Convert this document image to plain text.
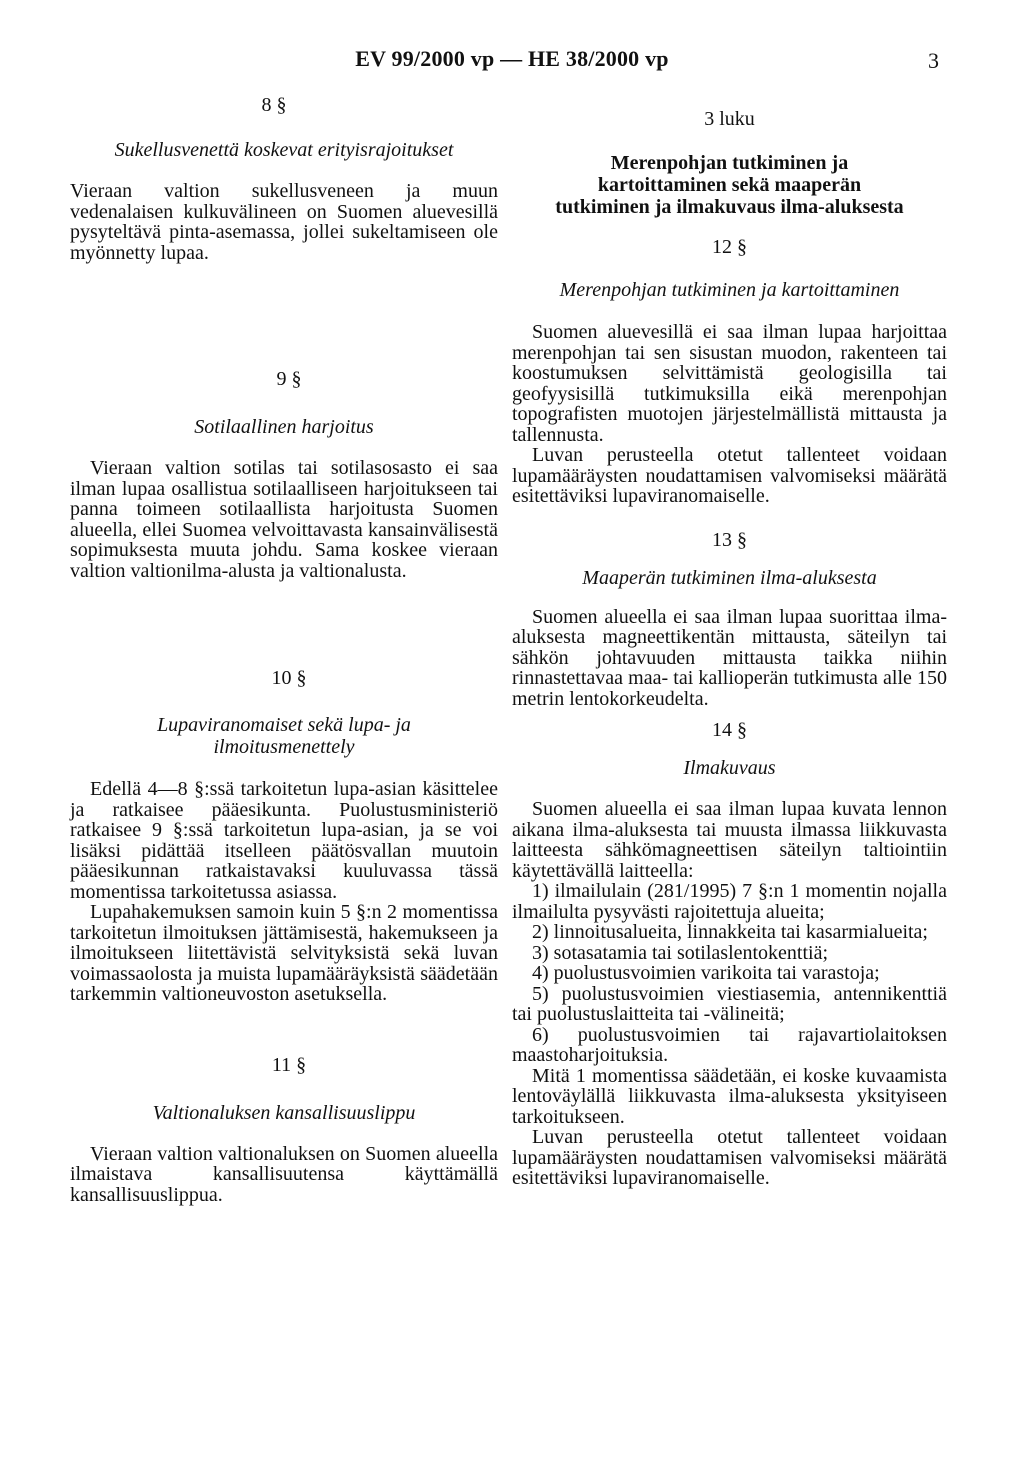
EV 99/2000 vp — HE 38/2000 vp	3

8 §

Sukellusvenettä koskevat erityisrajoitukset

Vieraan valtion sukellusveneen ja muun vedenalaisen kulkuvälineen on Suomen aluevesillä pysyteltävä pinta-asemassa, jollei sukeltamiseen ole myönnetty lupaa.

9 §

Sotilaallinen harjoitus

Vieraan valtion sotilas tai sotilasosasto ei saa ilman lupaa osallistua sotilaalliseen harjoitukseen tai panna toimeen sotilaallista harjoitusta Suomen alueella, ellei Suomea velvoittavasta kansainvälisestä sopimuksesta muuta johdu. Sama koskee vieraan valtion valtionilma-alusta ja valtionalusta.

10 §

Lupaviranomaiset sekä lupa- ja

ilmoitusmenettely

Edellä 4—8 §:ssä tarkoitetun lupa-asian käsittelee ja ratkaisee pääesikunta. Puolustusministeriö ratkaisee 9 §:ssä tarkoitetun lupa-asian, ja se voi lisäksi pidättää itselleen päätösvallan muutoin pääesikunnan ratkaistavaksi kuuluvassa tässä momentissa tarkoitetussa asiassa.

Lupahakemuksen samoin kuin 5 §:n 2 momentissa tarkoitetun ilmoituksen jättämisestä, hakemukseen ja ilmoitukseen liitettävistä selvityksistä sekä luvan voimassaolosta ja muista lupamääräyksistä säädetään tarkemmin valtioneuvoston asetuksella.

11 §

Valtionaluksen kansallisuuslippu

Vieraan valtion valtionaluksen on Suomen alueella ilmaistava kansallisuutensa käyttämällä kansallisuuslippua.

3 luku

Merenpohjan tutkiminen ja

kartoittaminen sekä maaperän

tutkiminen ja ilmakuvaus ilma-aluksesta

12 §

Merenpohjan tutkiminen ja kartoittaminen

Suomen aluevesillä ei saa ilman lupaa harjoittaa merenpohjan tai sen sisustan muodon, rakenteen tai koostumuksen selvittämistä geologisilla tai geofyysisillä tutkimuksilla eikä merenpohjan topografisten muotojen järjestelmällistä mittausta ja tallennusta.

Luvan perusteella otetut tallenteet voidaan lupamääräysten noudattamisen valvomiseksi määrätä esitettäviksi lupaviranomaiselle.

13 §

Maaperän tutkiminen ilma-aluksesta

Suomen alueella ei saa ilman lupaa suorittaa ilma-aluksesta magneettikentän mittausta, säteilyn tai sähkön johtavuuden mittausta taikka niihin rinnastettavaa maa- tai kallioperän tutkimusta alle 150 metrin lentokorkeudelta.

14 §

Ilmakuvaus

Suomen alueella ei saa ilman lupaa kuvata lennon aikana ilma-aluksesta tai muusta ilmassa liikkuvasta laitteesta sähkömagneettisen säteilyn taltiointiin käytettävällä laitteella:

1) ilmailulain (281/1995) 7 §:n 1 momentin nojalla ilmailulta pysyvästi rajoitettuja alueita;

2) linnoitusalueita, linnakkeita tai kasarmialueita;

3) sotasatamia tai sotilaslentokenttiä;

4) puolustusvoimien varikoita tai varastoja;

5) puolustusvoimien viestiasemia, antennikenttiä tai puolustuslaitteita tai -välineitä;

6) puolustusvoimien tai rajavartiolaitoksen maastoharjoituksia.

Mitä 1 momentissa säädetään, ei koske kuvaamista lentoväylällä liikkuvasta ilma-aluksesta yksityiseen tarkoitukseen.

Luvan perusteella otetut tallenteet voidaan lupamääräysten noudattamisen valvomiseksi määrätä esitettäviksi lupaviranomaiselle.
